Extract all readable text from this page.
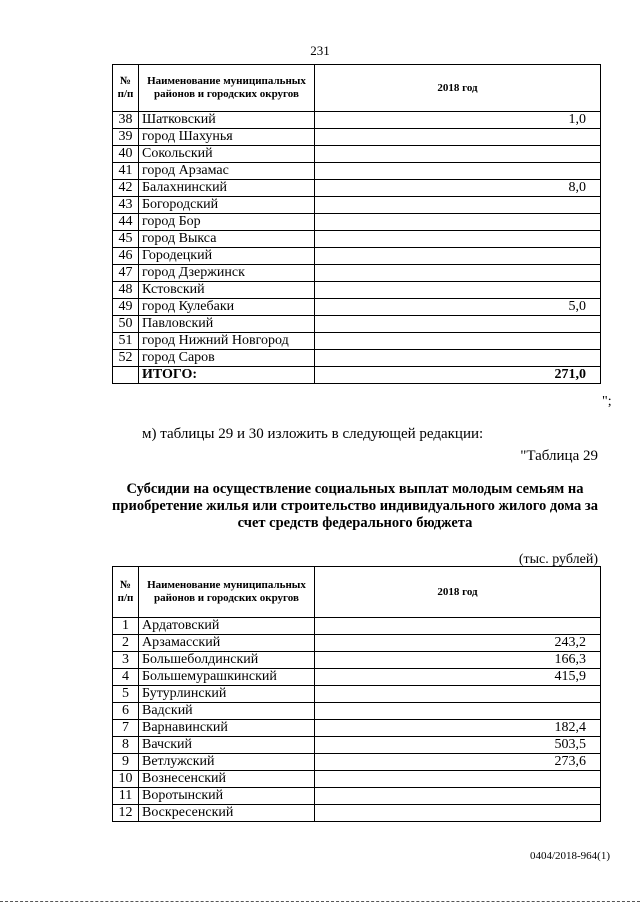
231
№ п/п	Наименование муниципальных районов и городских округов	2018 год
38	Шатковский	1,0
39	город Шахунья	
40	Сокольский	
41	город Арзамас	
42	Балахнинский	8,0
43	Богородский	
44	город Бор	
45	город Выкса	
46	Городецкий	
47	город Дзержинск	
48	Кстовский	
49	город Кулебаки	5,0
50	Павловский	
51	город Нижний Новгород	
52	город Саров	
	ИТОГО:	271,0
";
м) таблицы 29 и 30 изложить в следующей редакции:
"Таблица 29
Субсидии на осуществление социальных выплат молодым семьям на приобретение жилья или строительство индивидуального жилого дома за счет средств федерального бюджета
(тыс. рублей)
№ п/п	Наименование муниципальных районов и городских округов	2018 год
1	Ардатовский	
2	Арзамасский	243,2
3	Большеболдинский	166,3
4	Большемурашкинский	415,9
5	Бутурлинский	
6	Вадский	
7	Варнавинский	182,4
8	Вачский	503,5
9	Ветлужский	273,6
10	Вознесенский	
11	Воротынский	
12	Воскресенский	
0404/2018-964(1)
